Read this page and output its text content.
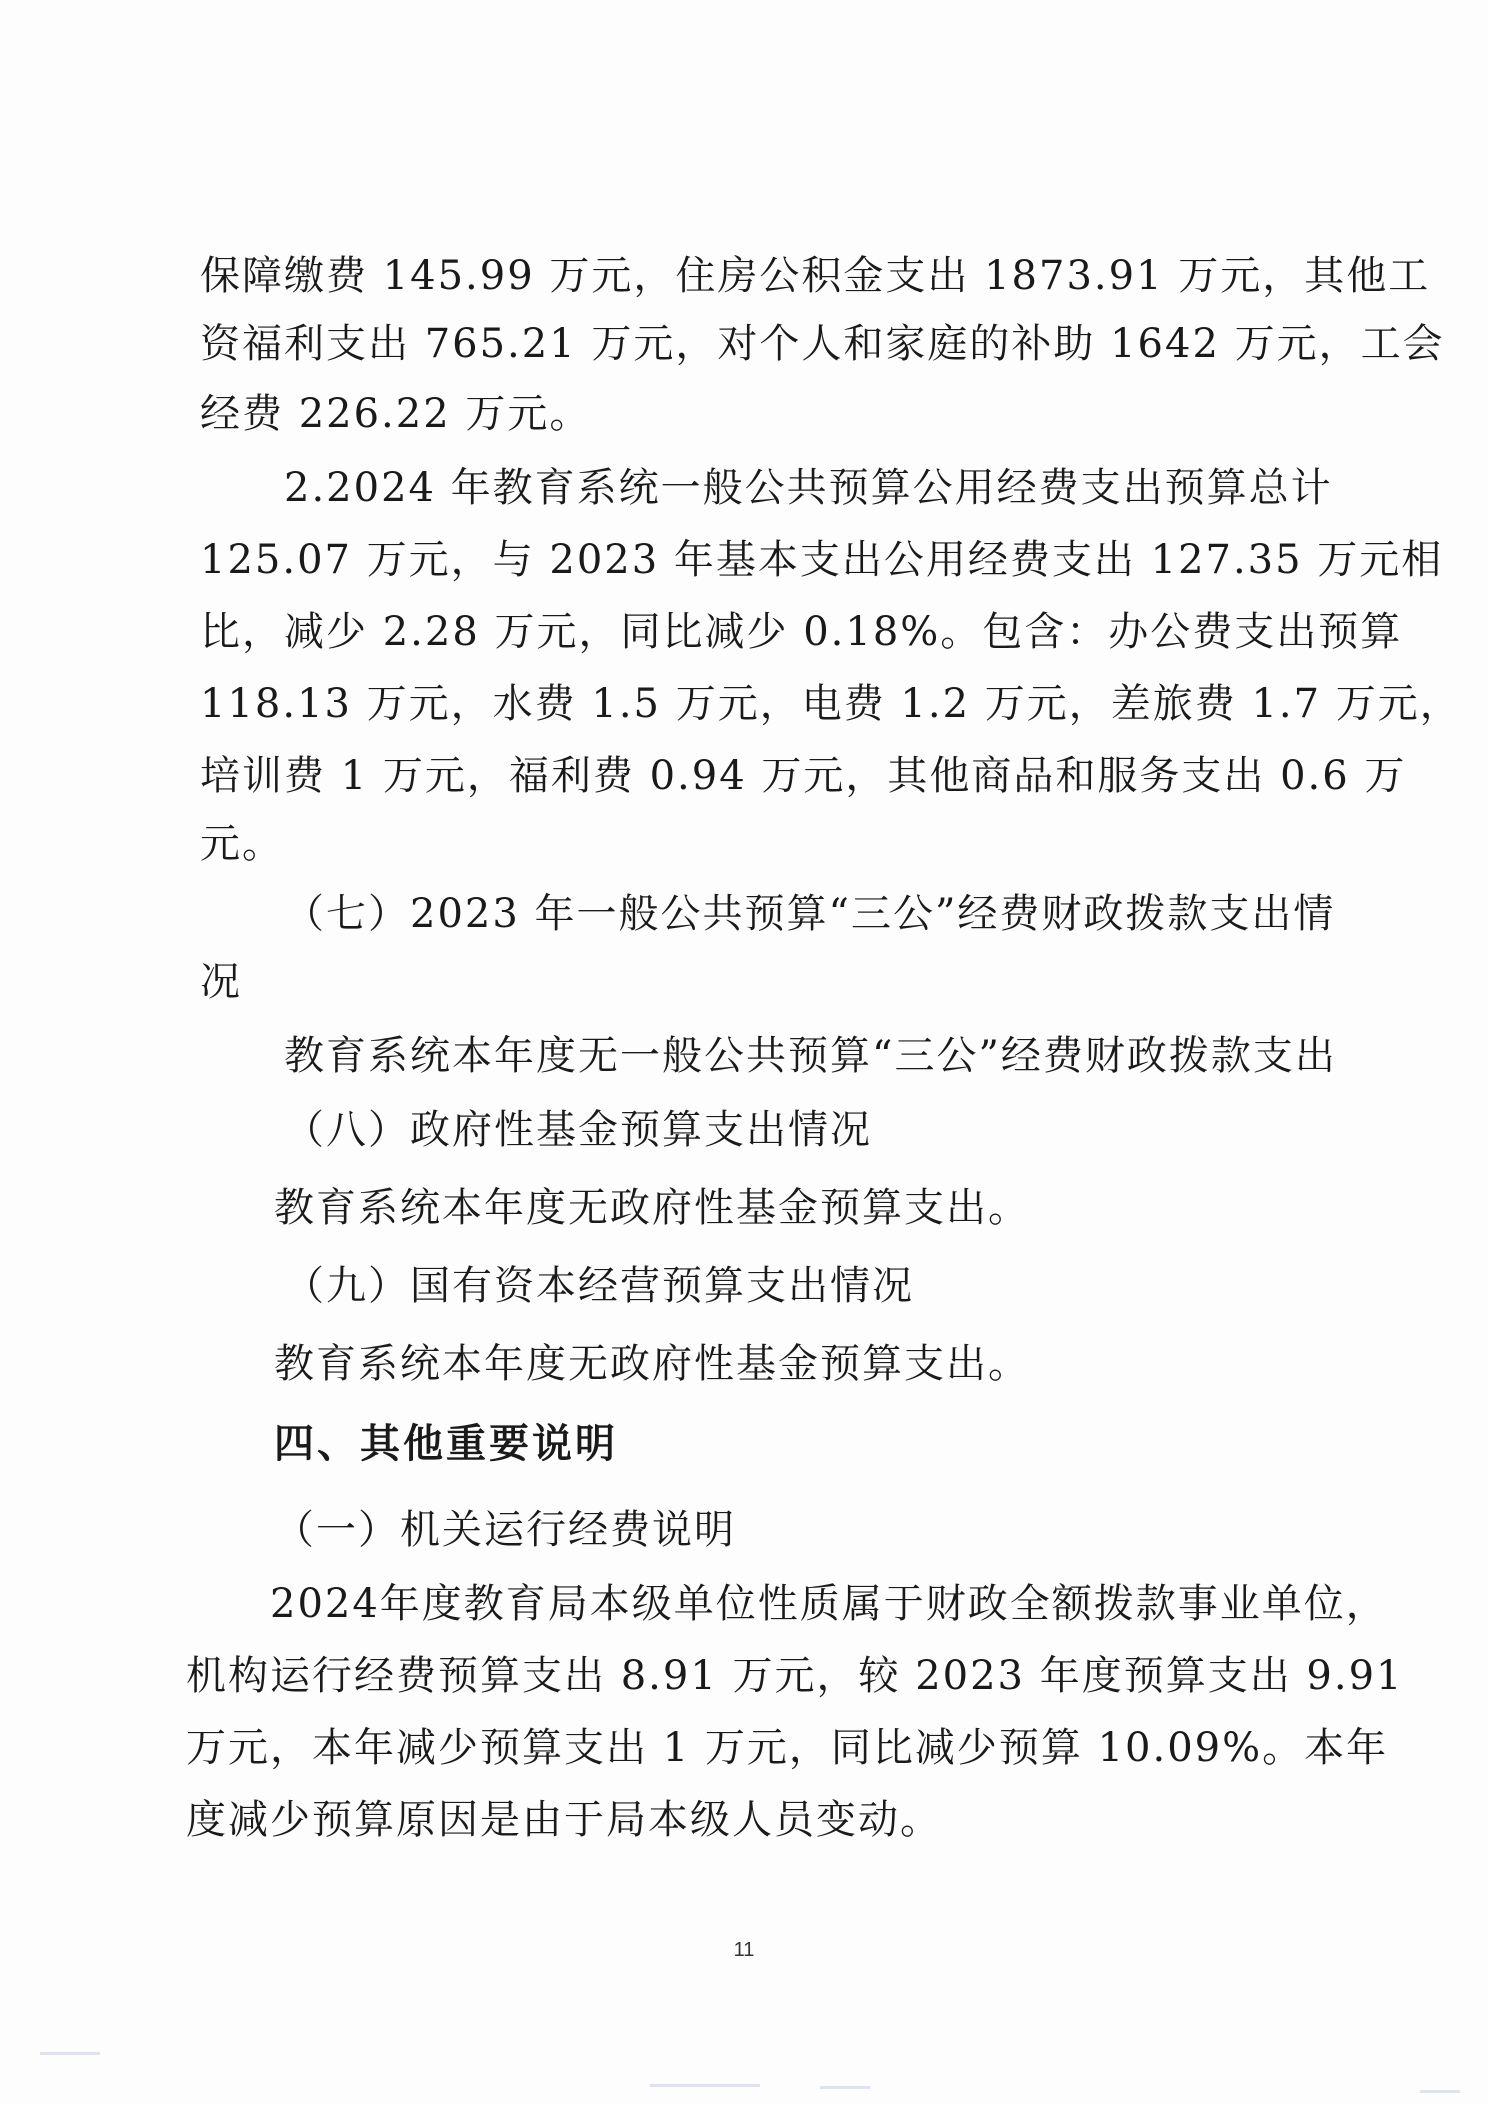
保障缴费 145.99 万元，住房公积金支出 1873.91 万元，其他工
资福利支出 765.21 万元，对个人和家庭的补助 1642 万元，工会
经费 226.22 万元。
2.2024 年教育系统一般公共预算公用经费支出预算总计
125.07 万元，与 2023 年基本支出公用经费支出 127.35 万元相
比，减少 2.28 万元，同比减少 0.18%。包含：办公费支出预算
118.13 万元，水费 1.5 万元，电费 1.2 万元，差旅费 1.7 万元，
培训费 1 万元，福利费 0.94 万元，其他商品和服务支出 0.6 万
元。
（七）2023 年一般公共预算“三公”经费财政拨款支出情
况
教育系统本年度无一般公共预算“三公”经费财政拨款支出
（八）政府性基金预算支出情况
教育系统本年度无政府性基金预算支出。
（九）国有资本经营预算支出情况
教育系统本年度无政府性基金预算支出。
四、其他重要说明
（一）机关运行经费说明
2024年度教育局本级单位性质属于财政全额拨款事业单位，
机构运行经费预算支出 8.91 万元，较 2023 年度预算支出 9.91
万元，本年减少预算支出 1 万元，同比减少预算 10.09%。本年
度减少预算原因是由于局本级人员变动。
11
